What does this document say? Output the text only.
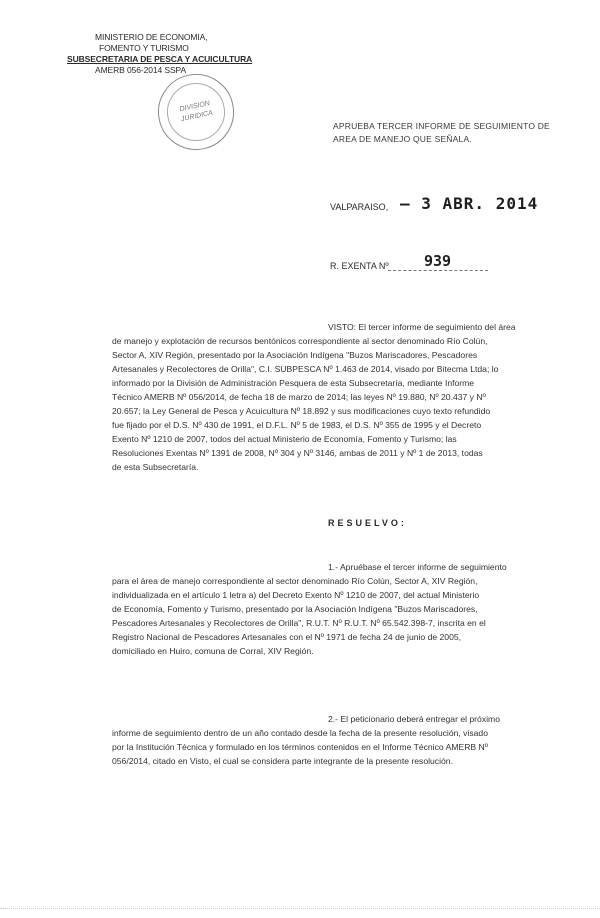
MINISTERIO DE ECONOMIA,
FOMENTO Y TURISMO
SUBSECRETARIA DE PESCA Y ACUICULTURA
AMERB 056-2014 SSPA
DIVISION
JURIDICA
APRUEBA TERCER INFORME DE SEGUIMIENTO DE
AREA DE MANEJO QUE SEÑALA.
VALPARAISO, – 3 ABR. 2014
R. EXENTA Nº 939

VISTO: El tercer informe de seguimiento del área

de manejo y explotación de recursos bentónicos correspondiente al sector denominado Río Colún,

Sector A, XIV Región, presentado por la Asociación Indígena "Buzos Mariscadores, Pescadores

Artesanales y Recolectores de Orilla", C.I. SUBPESCA Nº 1.463 de 2014, visado por Bitecma Ltda; lo

informado por la División de Administración Pesquera de esta Subsecretaría, mediante Informe

Técnico AMERB Nº 056/2014, de fecha 18 de marzo de 2014; las leyes Nº 19.880, Nº 20.437 y Nº

20.657; la Ley General de Pesca y Acuicultura Nº 18.892 y sus modificaciones cuyo texto refundido

fue fijado por el D.S. Nº 430 de 1991, el D.F.L. Nº 5 de 1983, el D.S. Nº 355 de 1995 y el Decreto

Exento Nº 1210 de 2007, todos del actual Ministerio de Economía, Fomento y Turismo; las

Resoluciones Exentas Nº 1391 de 2008, Nº 304 y Nº 3146, ambas de 2011 y Nº 1 de 2013, todas

de esta Subsecretaría.

RESUELVO:

1.- Apruébase el tercer informe de seguimiento

para el área de manejo correspondiente al sector denominado Río Colún, Sector A, XIV Región,

individualizada en el artículo 1 letra a) del Decreto Exento Nº 1210 de 2007, del actual Ministerio

de Economía, Fomento y Turismo, presentado por la Asociación Indígena "Buzos Mariscadores,

Pescadores Artesanales y Recolectores de Orilla", R.U.T. Nº R.U.T. Nº 65.542.398-7, inscrita en el

Registro Nacional de Pescadores Artesanales con el Nº 1971 de fecha 24 de junio de 2005,

domiciliado en Huiro, comuna de Corral, XIV Región.

2.- El peticionario deberá entregar el próximo

informe de seguimiento dentro de un año contado desde la fecha de la presente resolución, visado

por la Institución Técnica y formulado en los términos contenidos en el Informe Técnico AMERB Nº

056/2014, citado en Visto, el cual se considera parte integrante de la presente resolución.
